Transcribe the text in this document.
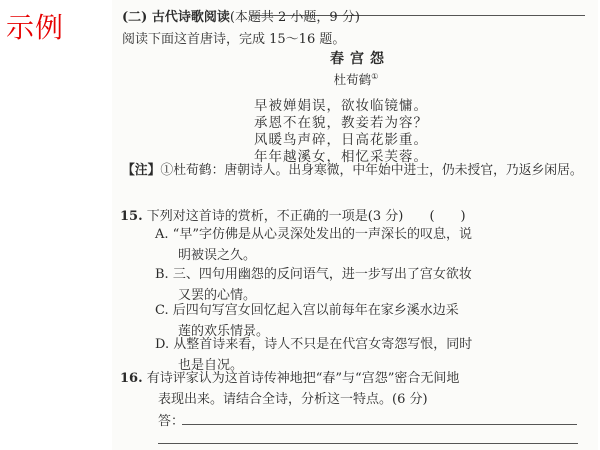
示例	(二) 古代诗歌阅读(本题共 2 小题，9 分)
阅读下面这首唐诗，完成 15～16 题。
春宫怨
杜荀鹤①
早被婵娟误，欲妆临镜慵。
承恩不在貌，教妾若为容？
风暖鸟声碎，日高花影重。
年年越溪女，相忆采芙蓉。
【注】①杜荀鹤：唐朝诗人。出身寒微，中年始中进士，仍未授官，乃返乡闲居。
15. 下列对这首诗的赏析，不正确的一项是(3 分) (　　)
A. “早”字仿佛是从心灵深处发出的一声深长的叹息，说
明被误之久。
B. 三、四句用幽怨的反问语气，进一步写出了宫女欲妆
又罢的心情。
C. 后四句写宫女回忆起入宫以前每年在家乡溪水边采
莲的欢乐情景。
D. 从整首诗来看，诗人不只是在代宫女寄怨写恨，同时
也是自况。
16. 有诗评家认为这首诗传神地把“春”与“宫怨”密合无间地
表现出来。请结合全诗，分析这一特点。(6 分)
答：
